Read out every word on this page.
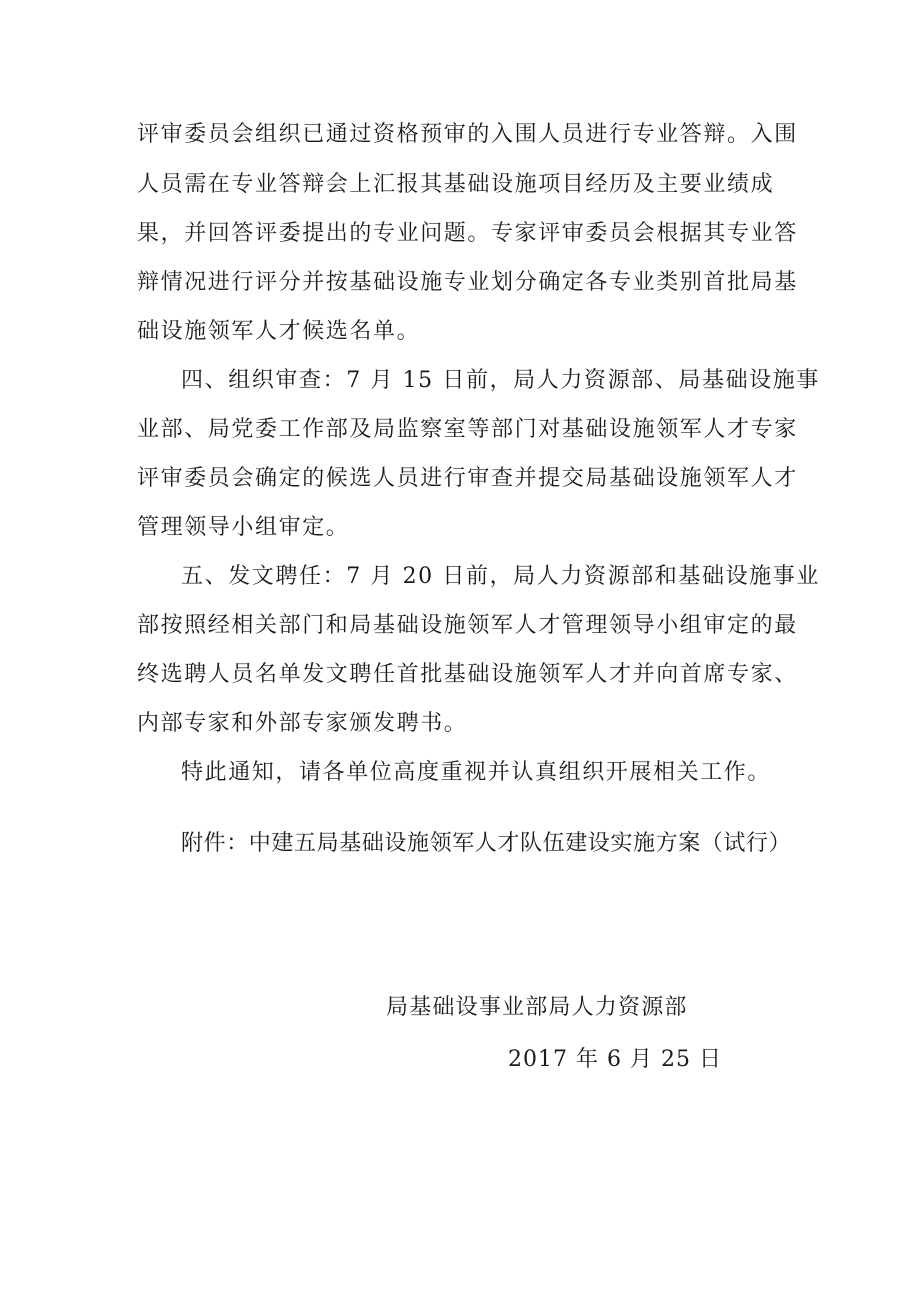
评审委员会组织已通过资格预审的入围人员进行专业答辩。入围
人员需在专业答辩会上汇报其基础设施项目经历及主要业绩成
果，并回答评委提出的专业问题。专家评审委员会根据其专业答
辩情况进行评分并按基础设施专业划分确定各专业类别首批局基
础设施领军人才候选名单。
四、组织审查：7 月 15 日前，局人力资源部、局基础设施事
业部、局党委工作部及局监察室等部门对基础设施领军人才专家
评审委员会确定的候选人员进行审查并提交局基础设施领军人才
管理领导小组审定。
五、发文聘任：7 月 20 日前，局人力资源部和基础设施事业
部按照经相关部门和局基础设施领军人才管理领导小组审定的最
终选聘人员名单发文聘任首批基础设施领军人才并向首席专家、
内部专家和外部专家颁发聘书。
特此通知，请各单位高度重视并认真组织开展相关工作。
附件：中建五局基础设施领军人才队伍建设实施方案（试行）
局基础设事业部局人力资源部
2017 年 6 月 25 日
